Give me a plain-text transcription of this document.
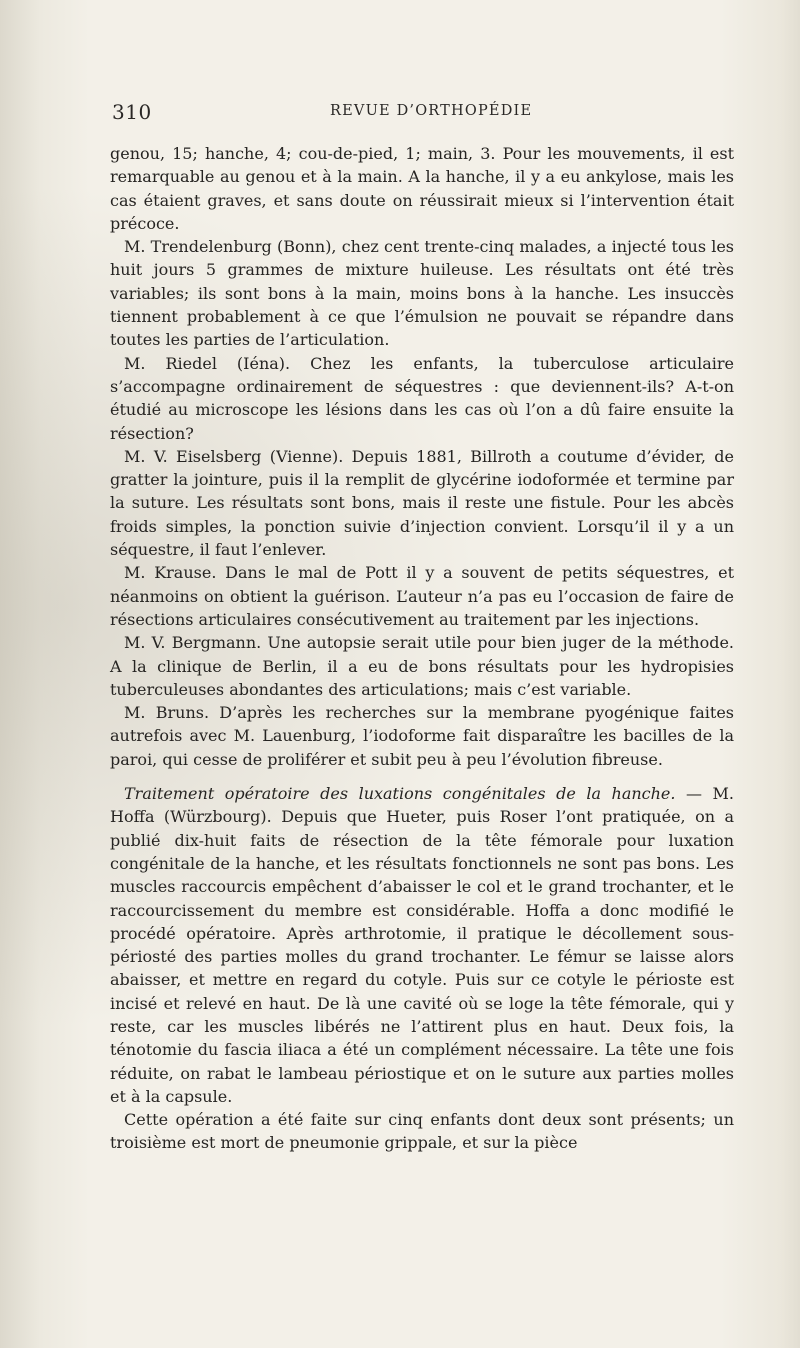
310	REVUE D’ORTHOPÉDIE

genou, 15; hanche, 4; cou-de-pied, 1; main, 3. Pour les mouvements, il est remarquable au genou et à la main. A la hanche, il y a eu ankylose, mais les cas étaient graves, et sans doute on réussirait mieux si l’intervention était précoce.

M. Trendelenburg (Bonn), chez cent trente-cinq malades, a injecté tous les huit jours 5 grammes de mixture huileuse. Les résultats ont été très variables; ils sont bons à la main, moins bons à la hanche. Les insuccès tiennent probablement à ce que l’émulsion ne pouvait se répandre dans toutes les parties de l’articulation.

M. Riedel (Iéna). Chez les enfants, la tuberculose articulaire s’accompagne ordinairement de séquestres : que deviennent-ils? A-t-on étudié au microscope les lésions dans les cas où l’on a dû faire ensuite la résection?

M. V. Eiselsberg (Vienne). Depuis 1881, Billroth a coutume d’évider, de gratter la jointure, puis il la remplit de glycérine iodoformée et termine par la suture. Les résultats sont bons, mais il reste une fistule. Pour les abcès froids simples, la ponction suivie d’injection convient. Lorsqu’il il y a un séquestre, il faut l’enlever.

M. Krause. Dans le mal de Pott il y a souvent de petits séquestres, et néanmoins on obtient la guérison. L’auteur n’a pas eu l’occasion de faire de résections articulaires consécutivement au traitement par les injections.

M. V. Bergmann. Une autopsie serait utile pour bien juger de la méthode. A la clinique de Berlin, il a eu de bons résultats pour les hydropisies tuberculeuses abondantes des articulations; mais c’est variable.

M. Bruns. D’après les recherches sur la membrane pyogénique faites autrefois avec M. Lauenburg, l’iodoforme fait disparaître les bacilles de la paroi, qui cesse de proliférer et subit peu à peu l’évolution fibreuse.

Traitement opératoire des luxations congénitales de la hanche. — M. Hoffa (Würzbourg). Depuis que Hueter, puis Roser l’ont pratiquée, on a publié dix-huit faits de résection de la tête fémorale pour luxation congénitale de la hanche, et les résultats fonctionnels ne sont pas bons. Les muscles raccourcis empêchent d’abaisser le col et le grand trochanter, et le raccourcissement du membre est considérable. Hoffa a donc modifié le procédé opératoire. Après arthrotomie, il pratique le décollement sous-périosté des parties molles du grand trochanter. Le fémur se laisse alors abaisser, et mettre en regard du cotyle. Puis sur ce cotyle le périoste est incisé et relevé en haut. De là une cavité où se loge la tête fémorale, qui y reste, car les muscles libérés ne l’attirent plus en haut. Deux fois, la ténotomie du fascia iliaca a été un complément nécessaire. La tête une fois réduite, on rabat le lambeau périostique et on le suture aux parties molles et à la capsule.

Cette opération a été faite sur cinq enfants dont deux sont présents; un troisième est mort de pneumonie grippale, et sur la pièce
